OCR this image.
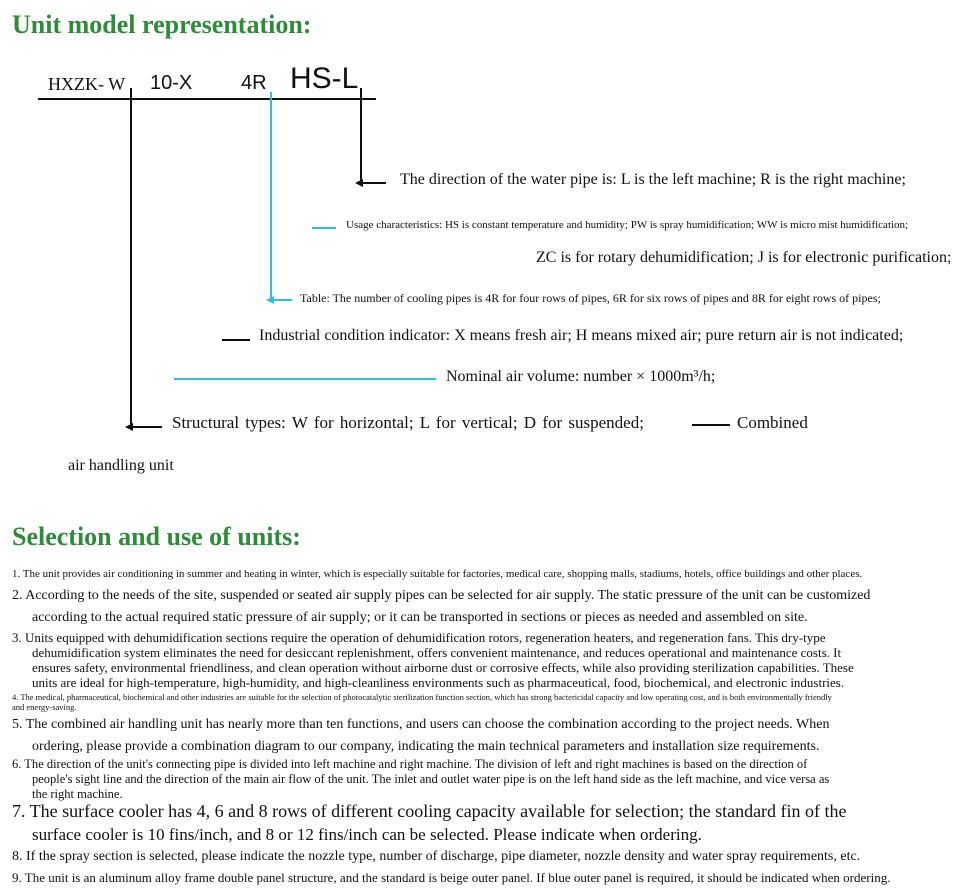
Unit model representation:
HXZK- W 10-X 4R HS-L
The direction of the water pipe is: L is the left machine; R is the right machine;
Usage characteristics: HS is constant temperature and humidity; PW is spray humidification; WW is micro mist humidification;
ZC is for rotary dehumidification; J is for electronic purification;
Table: The number of cooling pipes is 4R for four rows of pipes, 6R for six rows of pipes and 8R for eight rows of pipes;
Industrial condition indicator: X means fresh air; H means mixed air; pure return air is not indicated;
Nominal air volume: number × 1000m³/h;
Structural types: W for horizontal; L for vertical; D for suspended;	Combined
air handling unit
Selection and use of units:
1. The unit provides air conditioning in summer and heating in winter, which is especially suitable for factories, medical care, shopping malls, stadiums, hotels, office buildings and other places.
2. According to the needs of the site, suspended or seated air supply pipes can be selected for air supply. The static pressure of the unit can be customized
according to the actual required static pressure of air supply; or it can be transported in sections or pieces as needed and assembled on site.
3. Units equipped with dehumidification sections require the operation of dehumidification rotors, regeneration heaters, and regeneration fans. This dry-type
dehumidification system eliminates the need for desiccant replenishment, offers convenient maintenance, and reduces operational and maintenance costs. It
ensures safety, environmental friendliness, and clean operation without airborne dust or corrosive effects, while also providing sterilization capabilities. These
units are ideal for high-temperature, high-humidity, and high-cleanliness environments such as pharmaceutical, food, biochemical, and electronic industries.
4. The medical, pharmaceutical, biochemical and other industries are suitable for the selection of photocatalytic sterilization function section, which has strong bactericidal capacity and low operating cost, and is both environmentally friendly
and energy-saving.
5. The combined air handling unit has nearly more than ten functions, and users can choose the combination according to the project needs. When
ordering, please provide a combination diagram to our company, indicating the main technical parameters and installation size requirements.
6. The direction of the unit's connecting pipe is divided into left machine and right machine. The division of left and right machines is based on the direction of
people's sight line and the direction of the main air flow of the unit. The inlet and outlet water pipe is on the left hand side as the left machine, and vice versa as
the right machine.
7. The surface cooler has 4, 6 and 8 rows of different cooling capacity available for selection; the standard fin of the
surface cooler is 10 fins/inch, and 8 or 12 fins/inch can be selected. Please indicate when ordering.
8. If the spray section is selected, please indicate the nozzle type, number of discharge, pipe diameter, nozzle density and water spray requirements, etc.
9. The unit is an aluminum alloy frame double panel structure, and the standard is beige outer panel. If blue outer panel is required, it should be indicated when ordering.
